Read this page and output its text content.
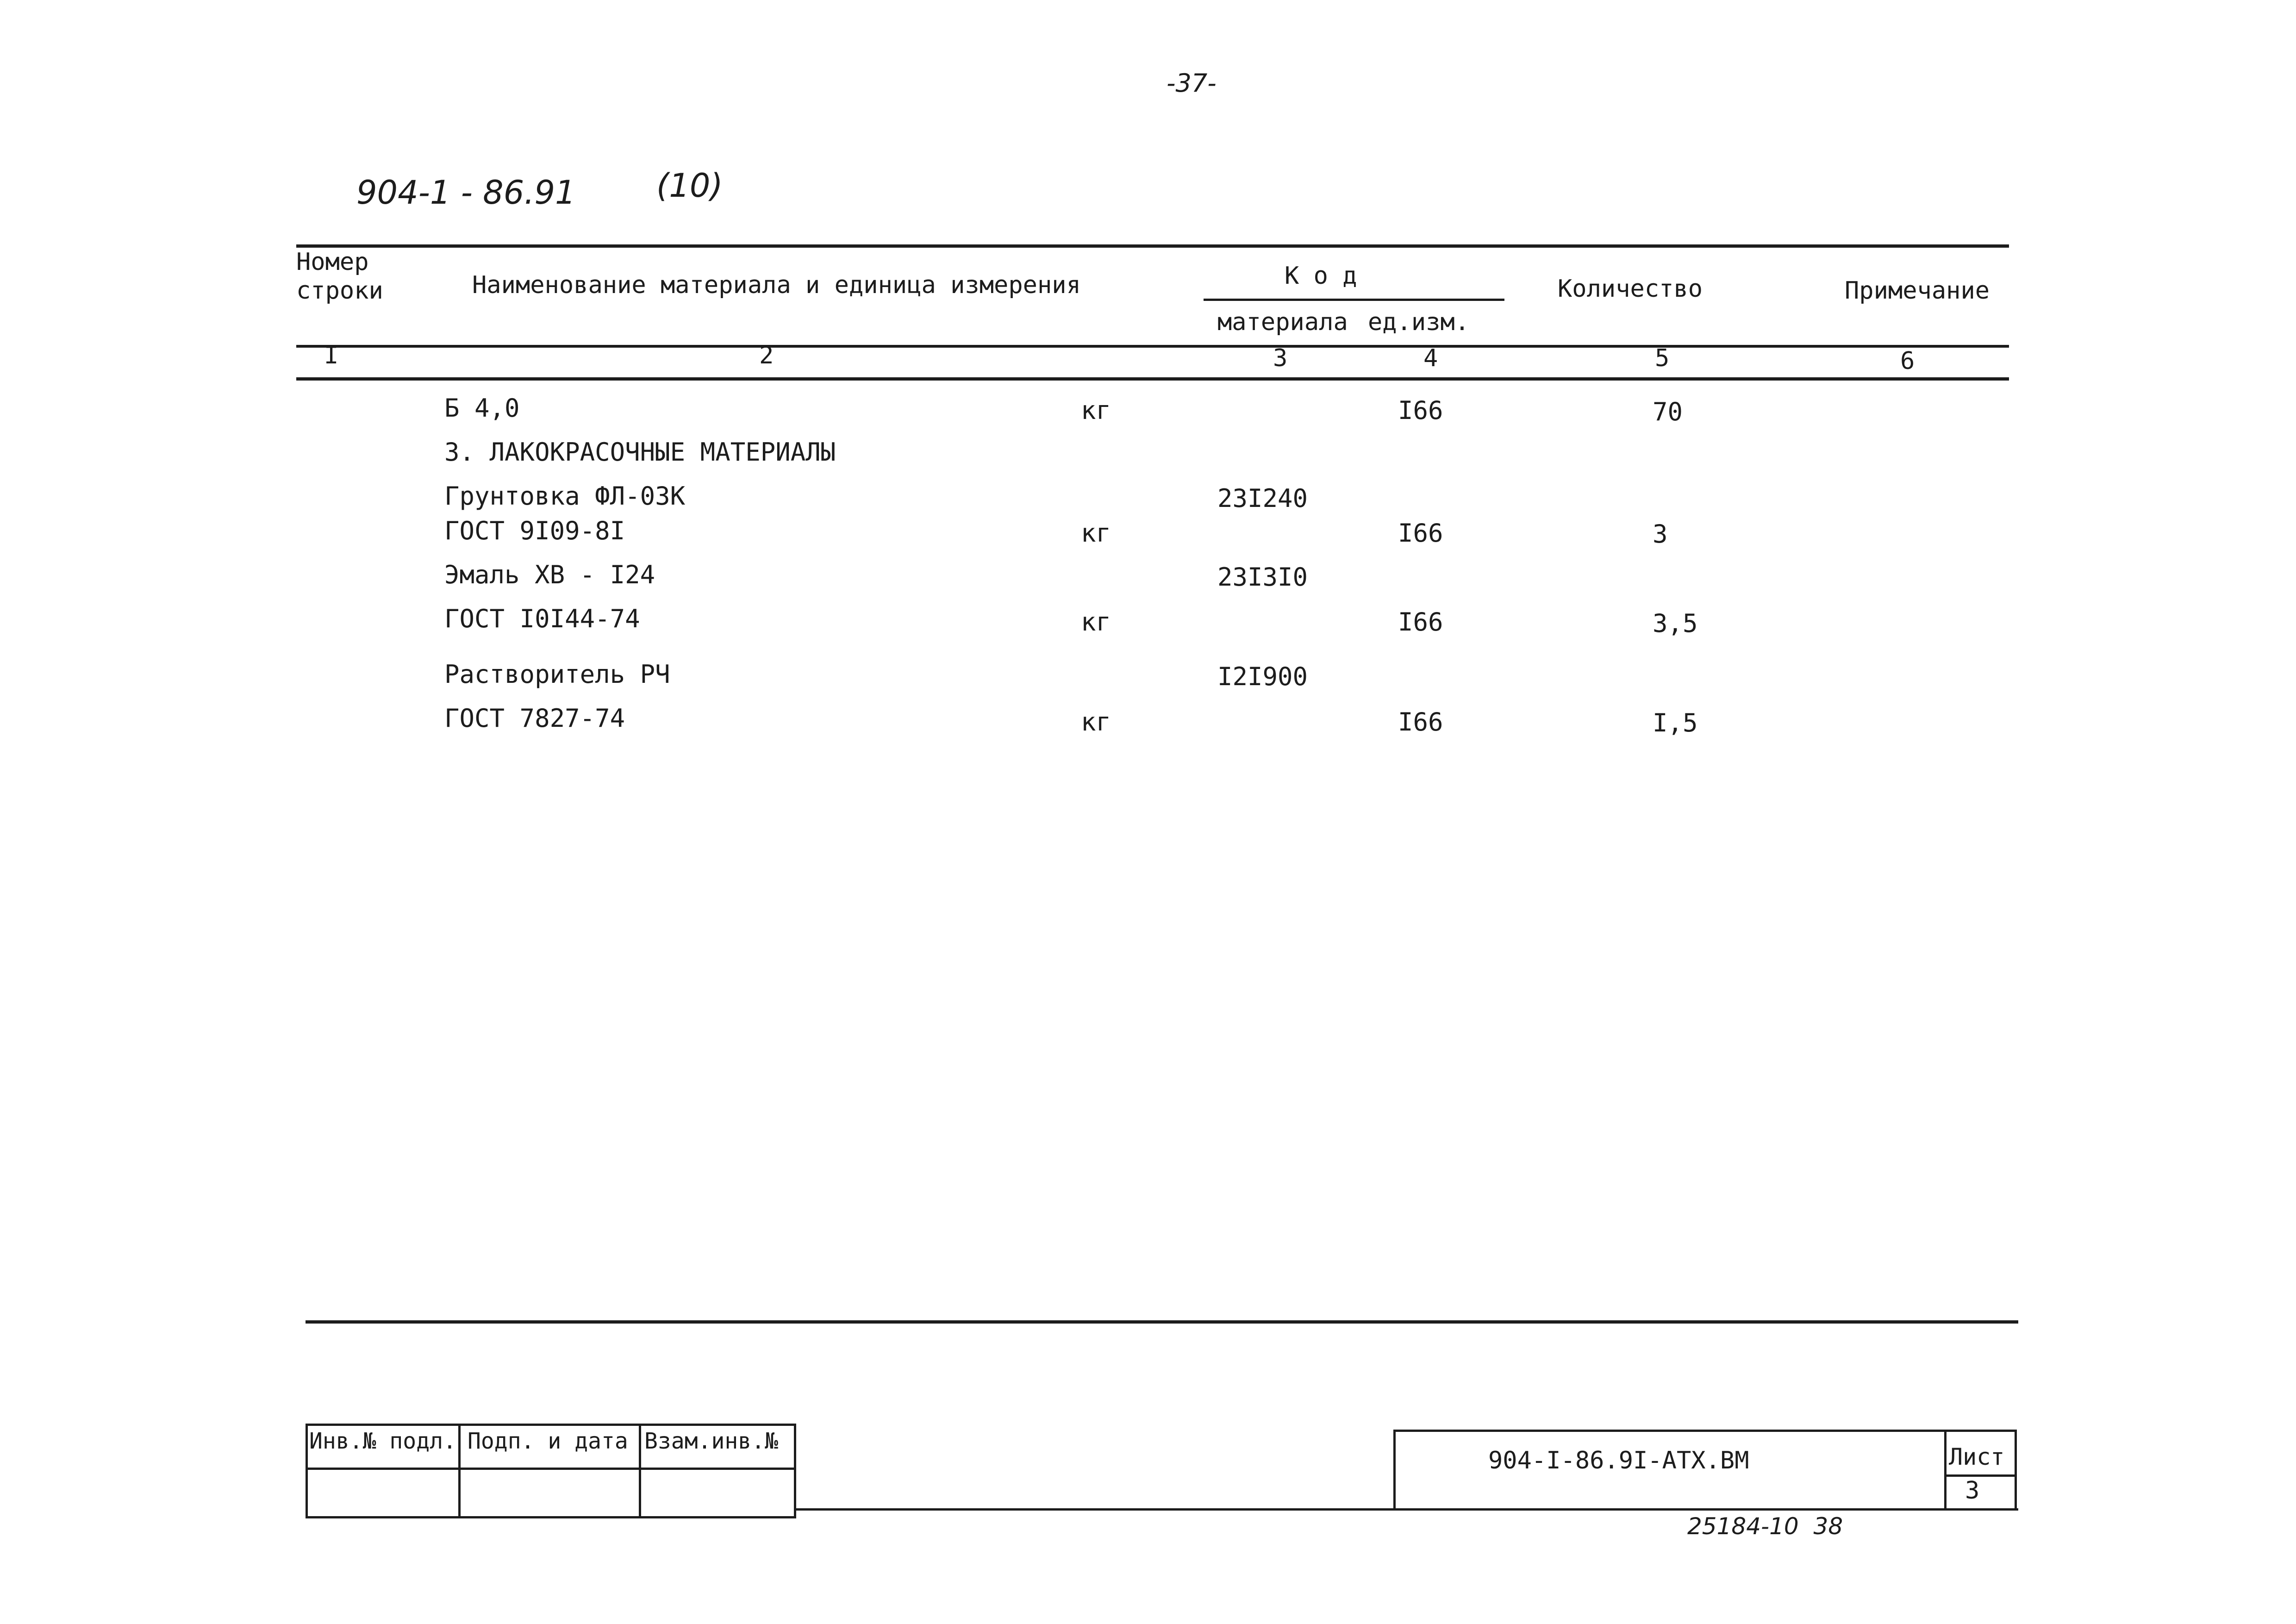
-37-
904-1 - 86.91 (10)
Номер
строки	Наименование материала и единица измерения	К о д
материала ед.изм.
Количество	Примечание
I	2	3	4	5	6
Б 4,0	кг	I66	70
3. ЛАКОКРАСОЧНЫЕ МАТЕРИАЛЫ
Грунтовка ФЛ-03К	23I240
ГОСТ 9I09-8I	кг	I66	3
Эмаль ХВ - I24	23I3I0
ГОСТ I0I44-74	кг	I66	3,5
Растворитель РЧ	I2I900
ГОСТ 7827-74	кг	I66	I,5
Инв.№ подл. Подп. и дата Взам.инв.№
904-I-86.9I-АТХ.ВМ	Лист
3
25184-10  38
